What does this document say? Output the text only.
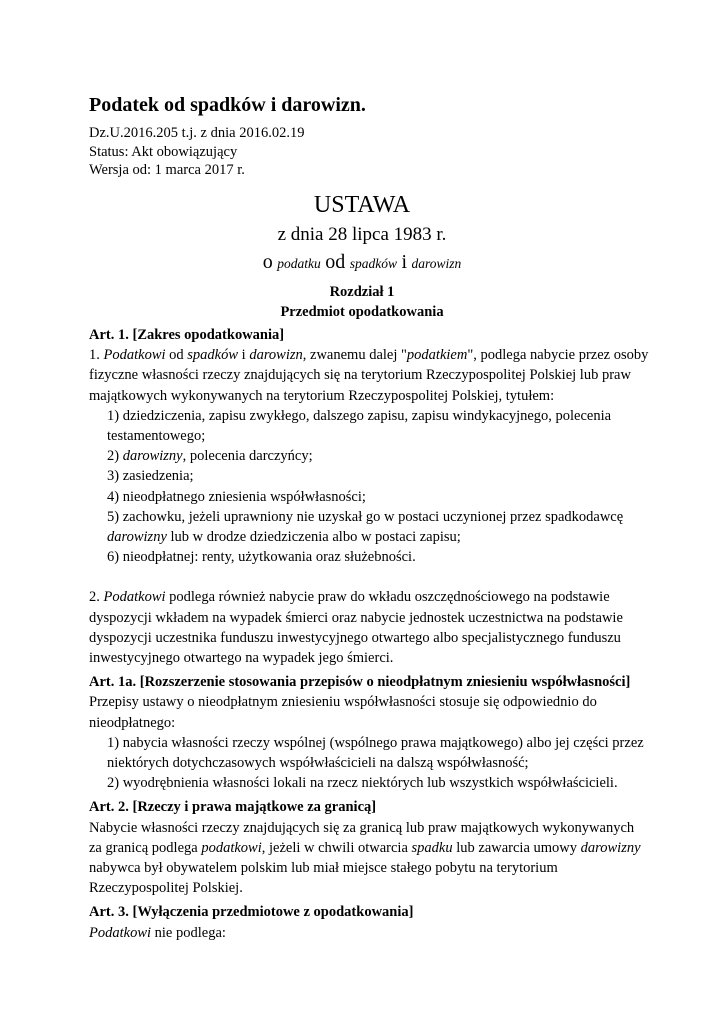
Podatek od spadków i darowizn.
Dz.U.2016.205 t.j. z dnia 2016.02.19
Status: Akt obowiązujący
Wersja od: 1 marca 2017 r.
USTAWA
z dnia 28 lipca 1983 r.
o podatku od spadków i darowizn
Rozdział 1
Przedmiot opodatkowania
Art. 1. [Zakres opodatkowania]
1. Podatkowi od spadków i darowizn, zwanemu dalej "podatkiem", podlega nabycie przez osoby fizyczne własności rzeczy znajdujących się na terytorium Rzeczypospolitej Polskiej lub praw majątkowych wykonywanych na terytorium Rzeczypospolitej Polskiej, tytułem:
1) dziedziczenia, zapisu zwykłego, dalszego zapisu, zapisu windykacyjnego, polecenia testamentowego;
2) darowizny, polecenia darczyńcy;
3) zasiedzenia;
4) nieodpłatnego zniesienia współwłasności;
5) zachowku, jeżeli uprawniony nie uzyskał go w postaci uczynionej przez spadkodawcę darowizny lub w drodze dziedziczenia albo w postaci zapisu;
6) nieodpłatnej: renty, użytkowania oraz służebności.
2. Podatkowi podlega również nabycie praw do wkładu oszczędnościowego na podstawie dyspozycji wkładem na wypadek śmierci oraz nabycie jednostek uczestnictwa na podstawie dyspozycji uczestnika funduszu inwestycyjnego otwartego albo specjalistycznego funduszu inwestycyjnego otwartego na wypadek jego śmierci.
Art. 1a. [Rozszerzenie stosowania przepisów o nieodpłatnym zniesieniu współwłasności]
Przepisy ustawy o nieodpłatnym zniesieniu współwłasności stosuje się odpowiednio do nieodpłatnego:
1) nabycia własności rzeczy wspólnej (wspólnego prawa majątkowego) albo jej części przez niektórych dotychczasowych współwłaścicieli na dalszą współwłasność;
2) wyodrębnienia własności lokali na rzecz niektórych lub wszystkich współwłaścicieli.
Art. 2. [Rzeczy i prawa majątkowe za granicą]
Nabycie własności rzeczy znajdujących się za granicą lub praw majątkowych wykonywanych za granicą podlega podatkowi, jeżeli w chwili otwarcia spadku lub zawarcia umowy darowizny nabywca był obywatelem polskim lub miał miejsce stałego pobytu na terytorium Rzeczypospolitej Polskiej.
Art. 3. [Wyłączenia przedmiotowe z opodatkowania]
Podatkowi nie podlega:
